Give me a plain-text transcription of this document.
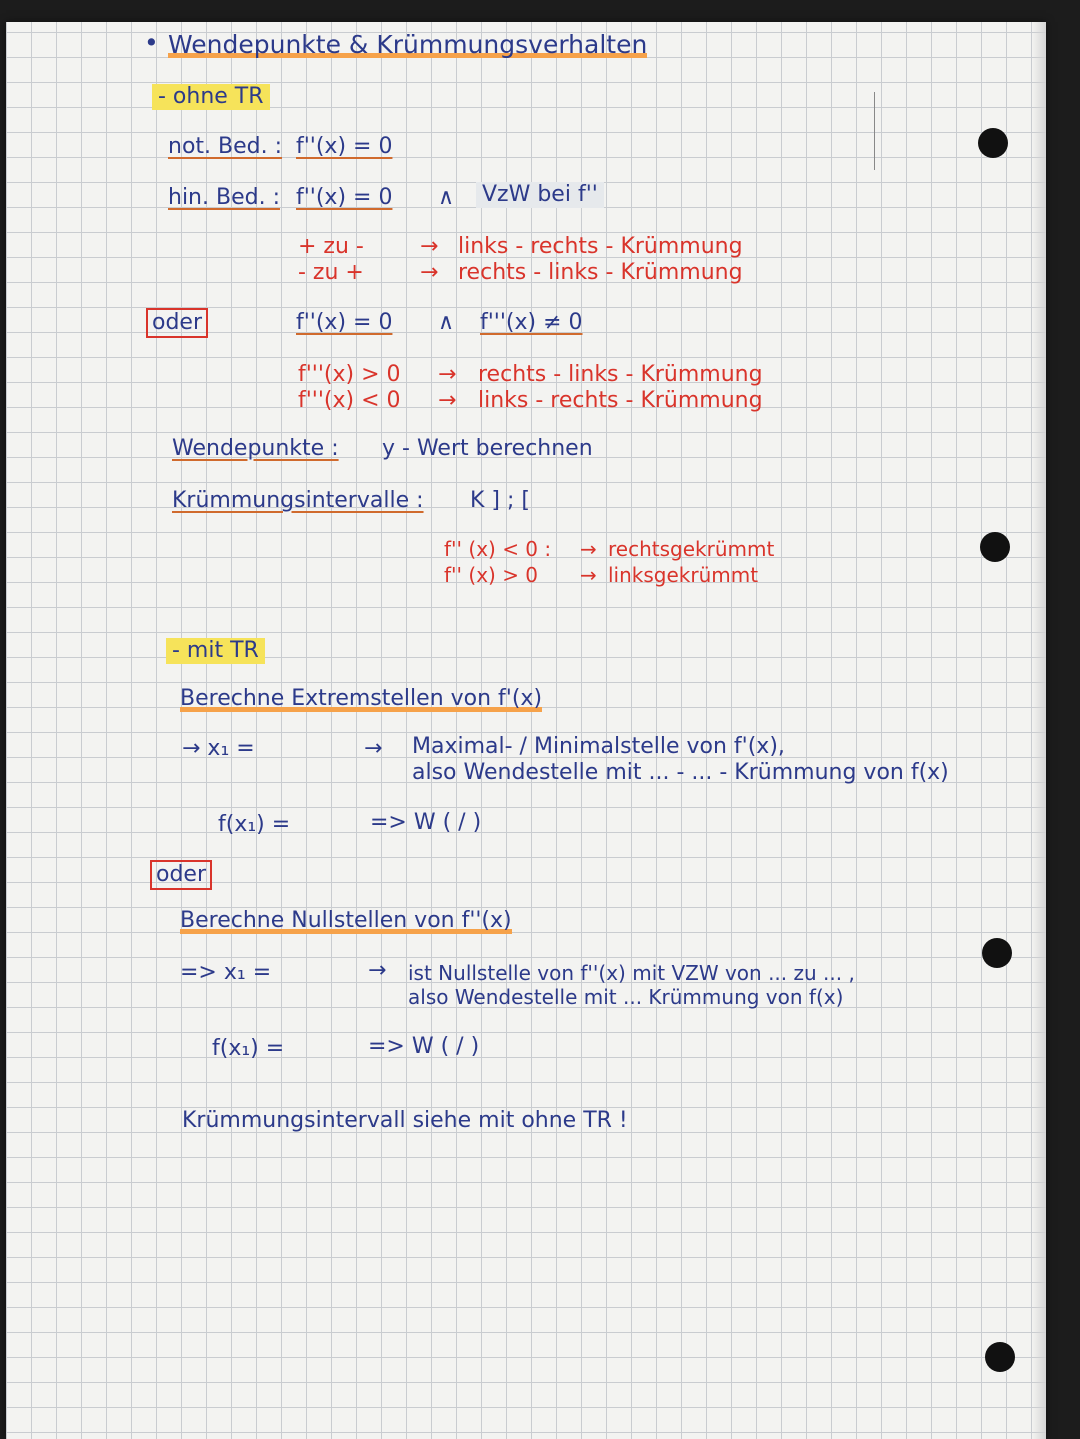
• Wendepunkte & Krümmungsverhalten
- ohne TR
not. Bed. : f''(x) = 0
hin. Bed. : f''(x) = 0 ∧ VzW bei f''
+ zu -	→ links - rechts - Krümmung
- zu +	→ rechts - links - Krümmung
oder	f''(x) = 0 ∧ f'''(x) ≠ 0
f'''(x) > 0 → rechts - links - Krümmung
f'''(x) < 0 → links - rechts - Krümmung
Wendepunkte : y - Wert berechnen
Krümmungsintervalle : K ] ; [
f'' (x) < 0 : → rechtsgekrümmt
f'' (x) > 0 → linksgekrümmt
- mit TR
Berechne Extremstellen von f'(x)
→ x₁ =	→ Maximal- / Minimalstelle von f'(x),
also Wendestelle mit ... - ... - Krümmung von f(x)
f(x₁) =	=> W ( / )
oder
Berechne Nullstellen von f''(x)
=> x₁ =	→ ist Nullstelle von f''(x) mit VZW von ... zu ... ,
also Wendestelle mit ... Krümmung von f(x)
f(x₁) =	=> W ( / )
Krümmungsintervall siehe mit ohne TR !
